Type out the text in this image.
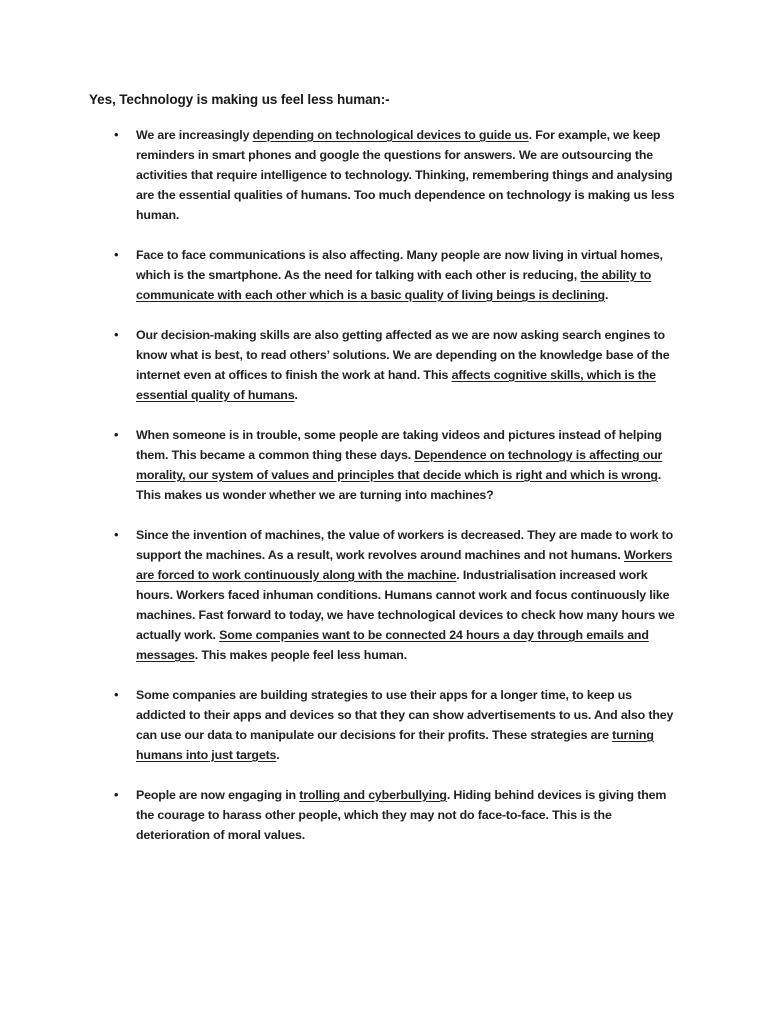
Yes, Technology is making us feel less human:-
• We are increasingly depending on technological devices to guide us. For example, we keep reminders in smart phones and google the questions for answers. We are outsourcing the activities that require intelligence to technology. Thinking, remembering things and analysing are the essential qualities of humans. Too much dependence on technology is making us less human.
• Face to face communications is also affecting. Many people are now living in virtual homes, which is the smartphone. As the need for talking with each other is reducing, the ability to communicate with each other which is a basic quality of living beings is declining.
• Our decision-making skills are also getting affected as we are now asking search engines to know what is best, to read others’ solutions. We are depending on the knowledge base of the internet even at offices to finish the work at hand. This affects cognitive skills, which is the essential quality of humans.
• When someone is in trouble, some people are taking videos and pictures instead of helping them. This became a common thing these days. Dependence on technology is affecting our morality, our system of values and principles that decide which is right and which is wrong. This makes us wonder whether we are turning into machines?
• Since the invention of machines, the value of workers is decreased. They are made to work to support the machines. As a result, work revolves around machines and not humans. Workers are forced to work continuously along with the machine. Industrialisation increased work hours. Workers faced inhuman conditions. Humans cannot work and focus continuously like machines. Fast forward to today, we have technological devices to check how many hours we actually work. Some companies want to be connected 24 hours a day through emails and messages. This makes people feel less human.
• Some companies are building strategies to use their apps for a longer time, to keep us addicted to their apps and devices so that they can show advertisements to us. And also they can use our data to manipulate our decisions for their profits. These strategies are turning humans into just targets.
• People are now engaging in trolling and cyberbullying. Hiding behind devices is giving them the courage to harass other people, which they may not do face-to-face. This is the deterioration of moral values.
